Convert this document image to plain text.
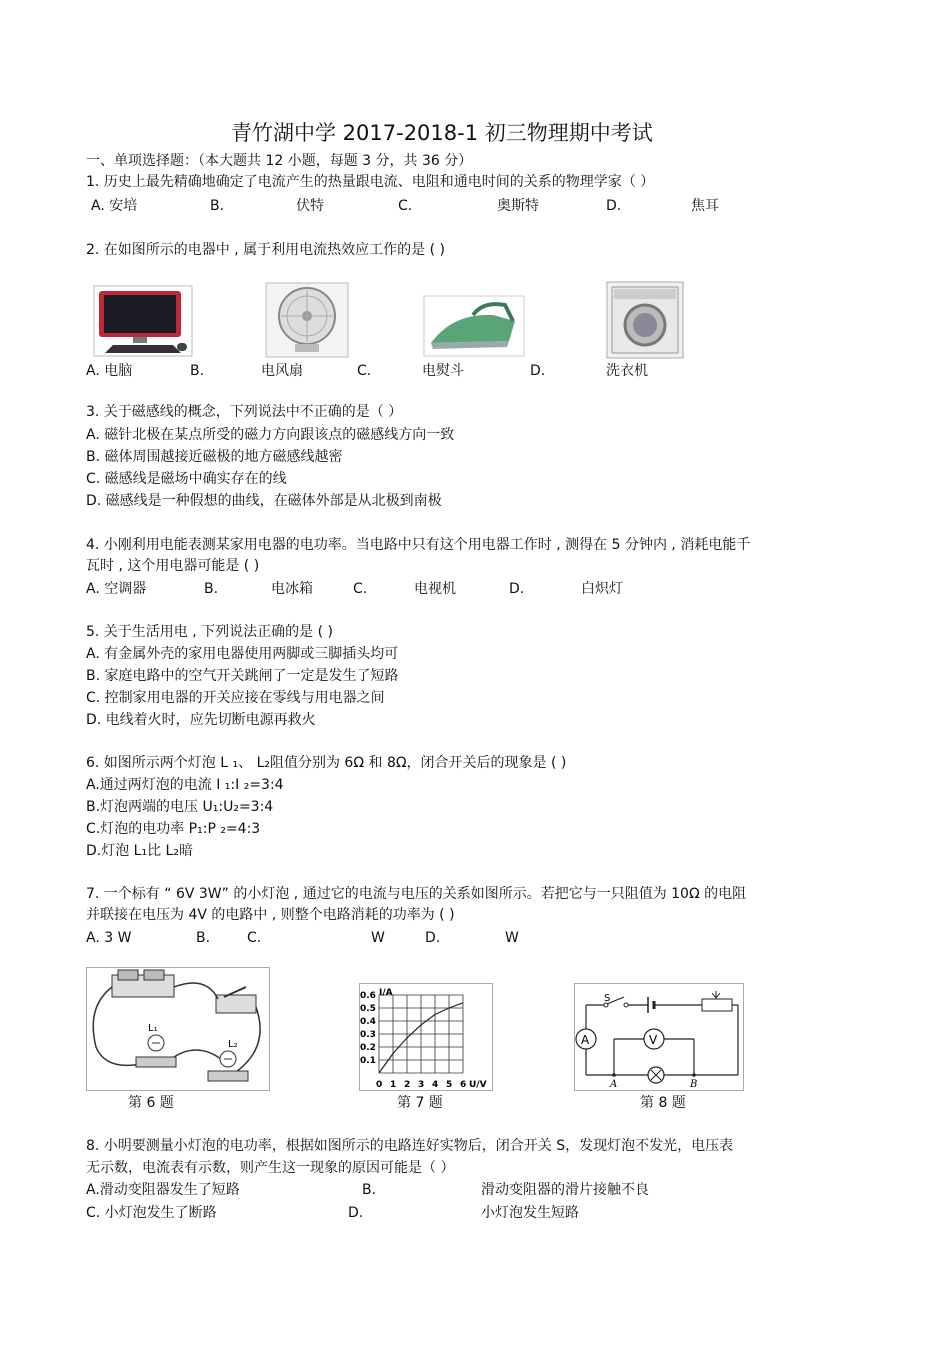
青竹湖中学 2017-2018-1 初三物理期中考试
一、单项选择题：（本大题共 12 小题，每题 3 分，共 36 分）
1. 历史上最先精确地确定了电流产生的热量跟电流、电阻和通电时间的关系的物理学家（ ）
A. 安培	B.	伏特	C.	奥斯特	D.	焦耳
2. 在如图所示的电器中 , 属于利用电流热效应工作的是 ( )
A. 电脑	B.	电风扇	C.	电熨斗	D.	洗衣机
3. 关于磁感线的概念，下列说法中不正确的是（ ）
A. 磁针北极在某点所受的磁力方向跟该点的磁感线方向一致
B. 磁体周围越接近磁极的地方磁感线越密
C. 磁感线是磁场中确实存在的线
D. 磁感线是一种假想的曲线，在磁体外部是从北极到南极
4. 小刚利用电能表测某家用电器的电功率。当电路中只有这个用电器工作时 , 测得在 5 分钟内 , 消耗电能千
瓦时 , 这个用电器可能是 ( )
A. 空调器	B.	电冰箱	C.	电视机	D.	白炽灯
5. 关于生活用电 , 下列说法正确的是 ( )
A. 有金属外壳的家用电器使用两脚或三脚插头均可
B. 家庭电路中的空气开关跳闸了一定是发生了短路
C. 控制家用电器的开关应接在零线与用电器之间
D. 电线着火时，应先切断电源再救火
6. 如图所示两个灯泡 L ₁、 L₂阻值分别为 6Ω 和 8Ω，闭合开关后的现象是 ( )
A.通过两灯泡的电流 I ₁:I ₂=3:4
B.灯泡两端的电压 U₁:U₂=3:4
C.灯泡的电功率 P₁:P ₂=4:3
D.灯泡 L₁比 L₂暗
7. 一个标有 “ 6V 3W” 的小灯泡 , 通过它的电流与电压的关系如图所示。若把它与一只阻值为 10Ω 的电阻
并联接在电压为 4V 的电路中 , 则整个电路消耗的功率为 ( )
A. 3 W	B.	C.	W	D.	W
L₁
L₂
I/A
U/V
0.6
0.5
0.4
0.3
0.2
0.1
0 1 2 3 4 5 6
A	V
S
A	B
第 6 题	第 7 题	第 8 题
8. 小明要测量小灯泡的电功率，根据如图所示的电路连好实物后，闭合开关 S，发现灯泡不发光，电压表
无示数，电流表有示数，则产生这一现象的原因可能是（ ）
A.滑动变阻器发生了短路	B.	滑动变阻器的滑片接触不良
C. 小灯泡发生了断路	D.	小灯泡发生短路
